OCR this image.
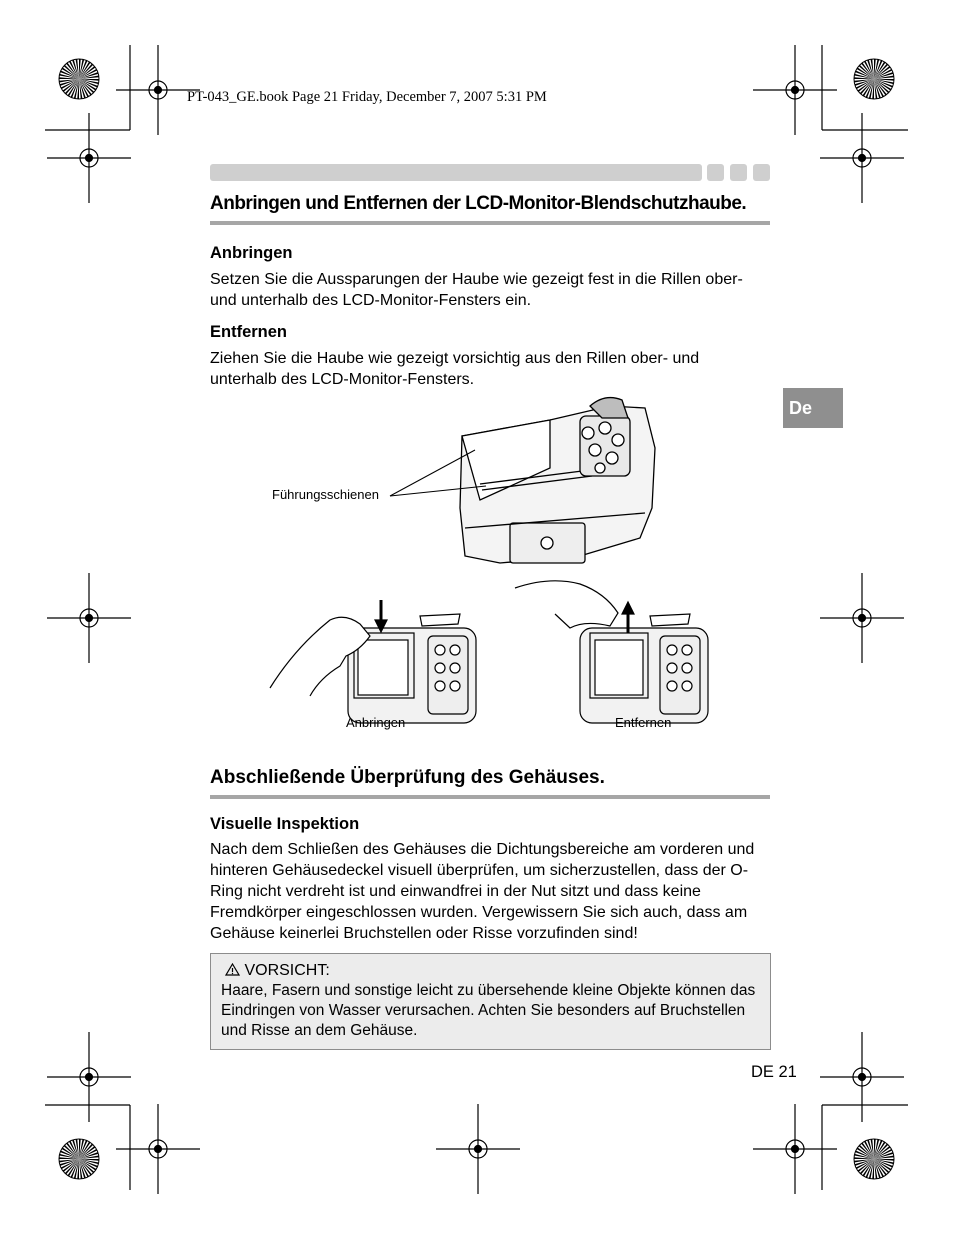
PT-043_GE.book Page 21 Friday, December 7, 2007 5:31 PM
Anbringen und Entfernen der LCD-Monitor-Blendschutzhaube.
Anbringen
Setzen Sie die Aussparungen der Haube wie gezeigt fest in die Rillen ober- und unterhalb des LCD-Monitor-Fensters ein.
Entfernen
Ziehen Sie die Haube wie gezeigt vorsichtig aus den Rillen ober- und unterhalb des LCD-Monitor-Fensters.
De
Führungsschienen
Anbringen	Entfernen
Abschließende Überprüfung des Gehäuses.
Visuelle Inspektion
Nach dem Schließen des Gehäuses die Dichtungsbereiche am vorderen und hinteren Gehäusedeckel visuell überprüfen, um sicherzustellen, dass der O-Ring nicht verdreht ist und einwandfrei in der Nut sitzt und dass keine Fremdkörper eingeschlossen wurden. Vergewissern Sie sich auch, dass am Gehäuse keinerlei Bruchstellen oder Risse vorzufinden sind!
VORSICHT:
Haare, Fasern und sonstige leicht zu übersehende kleine Objekte können das Eindringen von Wasser verursachen. Achten Sie besonders auf Bruchstellen und Risse an dem Gehäuse.
DE 21
